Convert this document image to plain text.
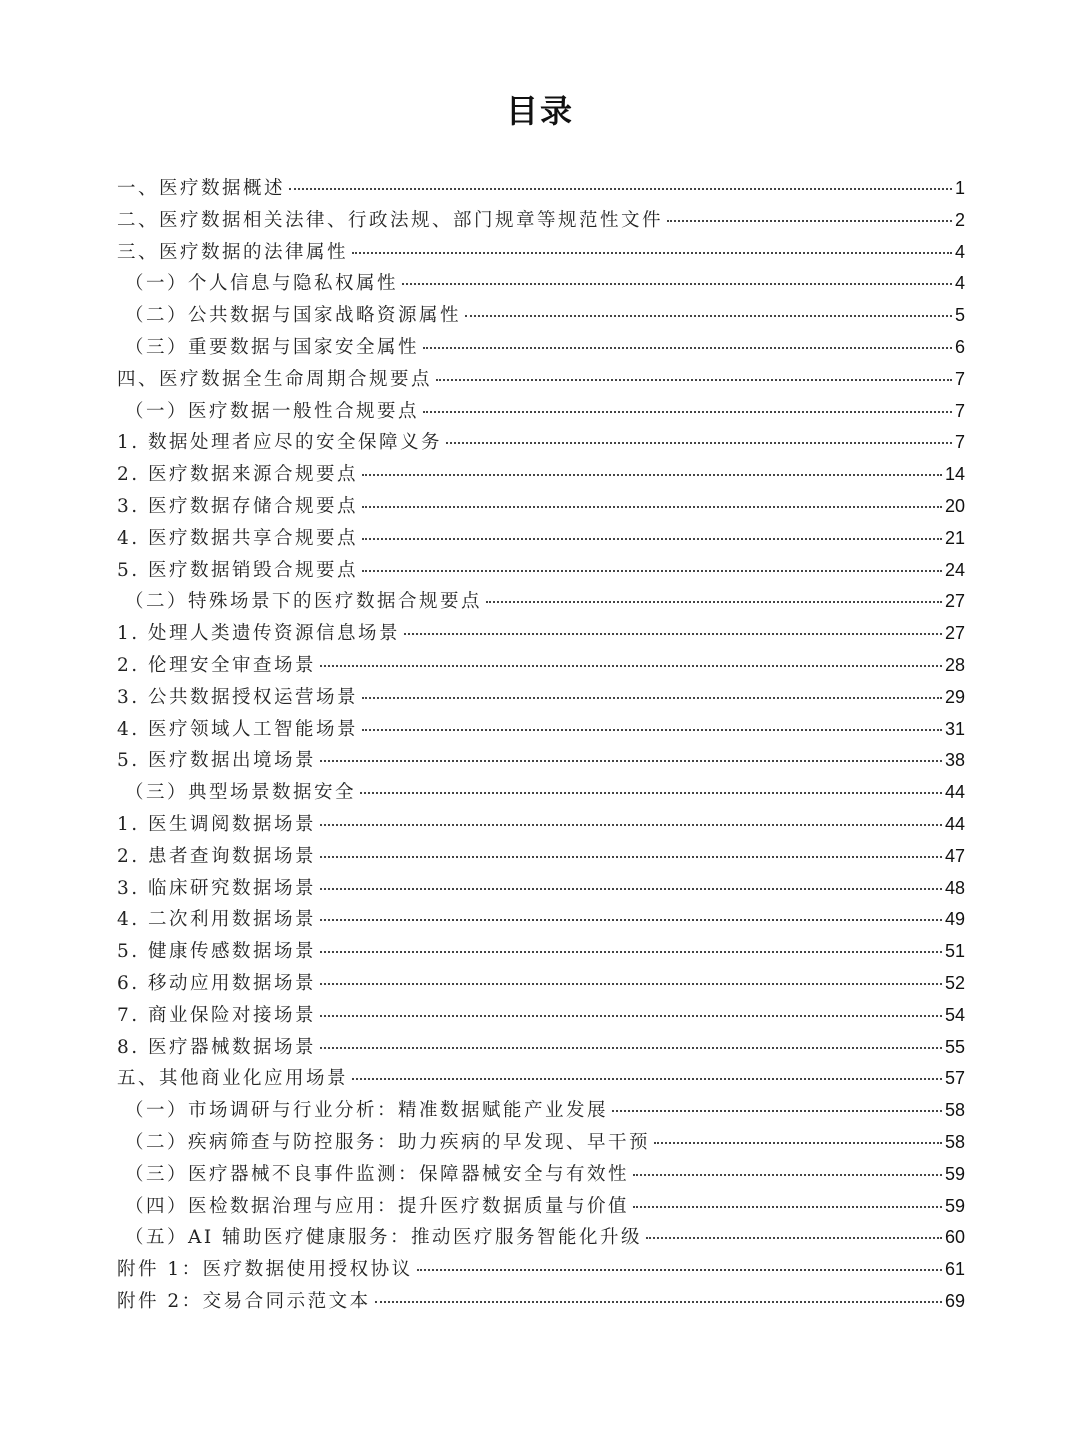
目录
一、医疗数据概述	1
二、医疗数据相关法律、行政法规、部门规章等规范性文件	2
三、医疗数据的法律属性	4
（一）个人信息与隐私权属性	4
（二）公共数据与国家战略资源属性	5
（三）重要数据与国家安全属性	6
四、医疗数据全生命周期合规要点	7
（一）医疗数据一般性合规要点	7
1. 数据处理者应尽的安全保障义务	7
2. 医疗数据来源合规要点	14
3. 医疗数据存储合规要点	20
4. 医疗数据共享合规要点	21
5. 医疗数据销毁合规要点	24
（二）特殊场景下的医疗数据合规要点	27
1. 处理人类遗传资源信息场景	27
2. 伦理安全审查场景	28
3. 公共数据授权运营场景	29
4. 医疗领域人工智能场景	31
5. 医疗数据出境场景	38
（三）典型场景数据安全	44
1. 医生调阅数据场景	44
2. 患者查询数据场景	47
3. 临床研究数据场景	48
4. 二次利用数据场景	49
5. 健康传感数据场景	51
6. 移动应用数据场景	52
7. 商业保险对接场景	54
8. 医疗器械数据场景	55
五、其他商业化应用场景	57
（一）市场调研与行业分析：精准数据赋能产业发展	58
（二）疾病筛查与防控服务：助力疾病的早发现、早干预	58
（三）医疗器械不良事件监测：保障器械安全与有效性	59
（四）医检数据治理与应用：提升医疗数据质量与价值	59
（五）AI 辅助医疗健康服务：推动医疗服务智能化升级	60
附件 1：医疗数据使用授权协议	61
附件 2：交易合同示范文本	69
